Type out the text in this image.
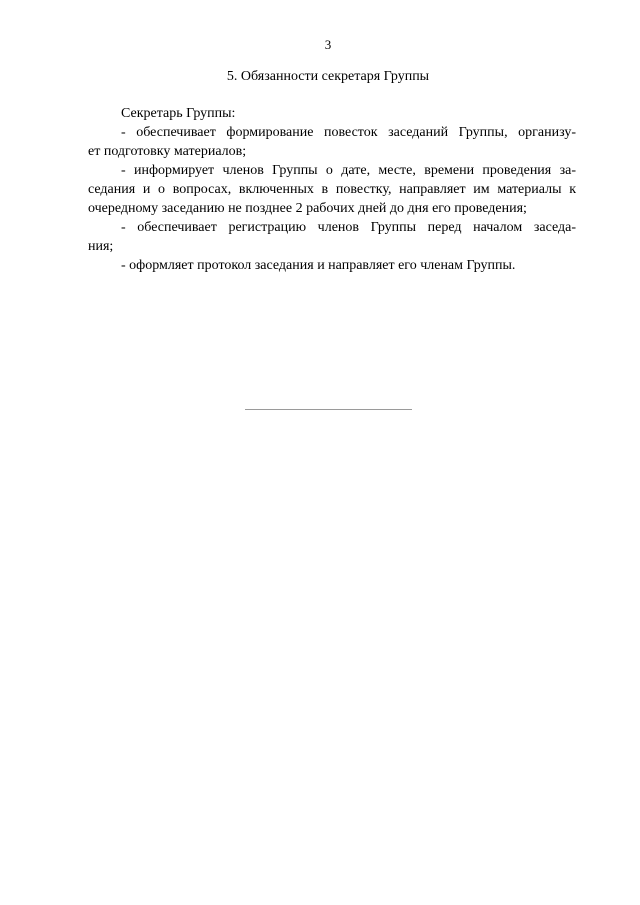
3
5. Обязанности секретаря Группы
Секретарь Группы:
- обеспечивает формирование повесток заседаний Группы, организу-
ет подготовку материалов;
- информирует членов Группы о дате, месте, времени проведения за-
седания и о вопросах, включенных в повестку, направляет им материалы к
очередному заседанию не позднее 2 рабочих дней до дня его проведения;
- обеспечивает регистрацию членов Группы перед началом заседа-
ния;
- оформляет протокол заседания и направляет его членам Группы.
